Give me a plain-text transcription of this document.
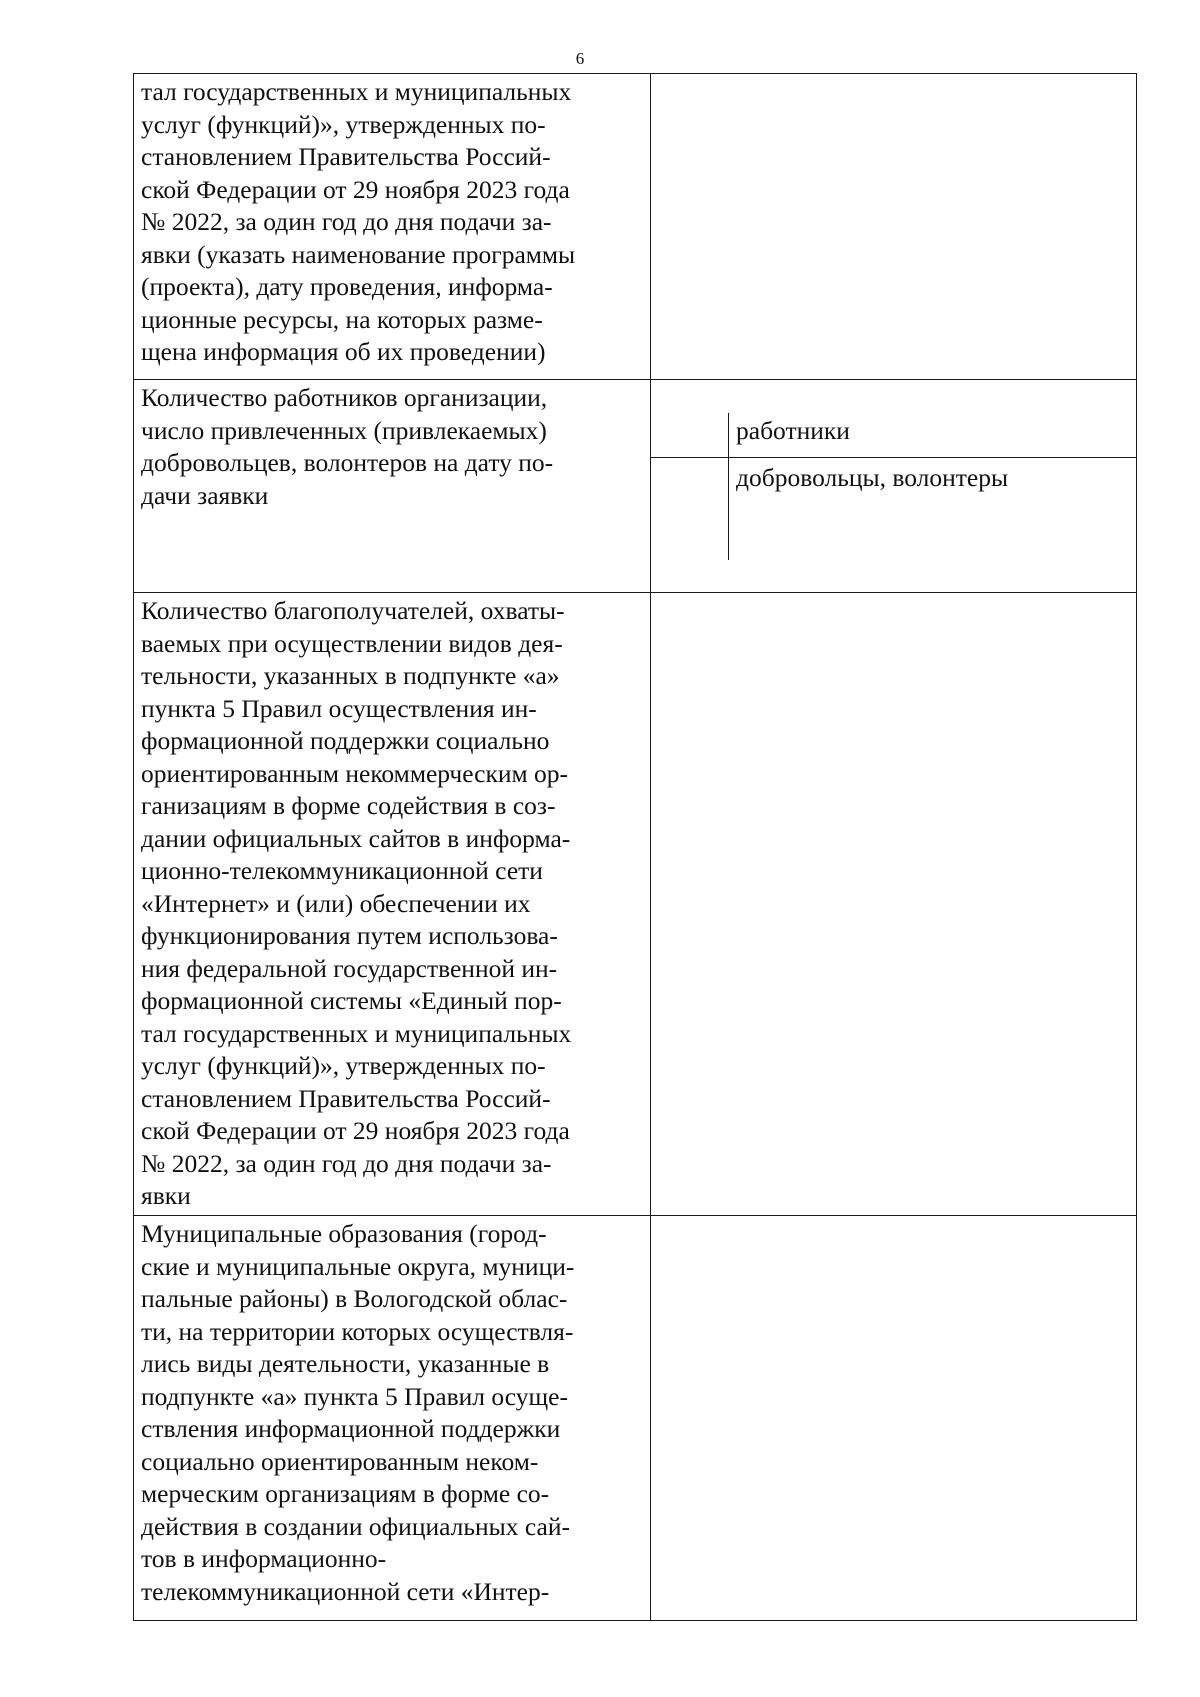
6
тал государственных и муниципальных
услуг (функций)», утвержденных по-
становлением Правительства Россий-
ской Федерации от 29 ноября 2023 года
№ 2022, за один год до дня подачи за-
явки (указать наименование программы
(проекта), дату проведения, информа-
ционные ресурсы, на которых разме-
щена информация об их проведении)	
Количество работников организации,
число привлеченных (привлекаемых)
добровольцев, волонтеров на дату по-
дачи заявки	

	работники
	добровольцы, волонтеры

Количество благополучателей, охваты-
ваемых при осуществлении видов дея-
тельности, указанных в подпункте «а»
пункта 5 Правил осуществления ин-
формационной поддержки социально
ориентированным некоммерческим ор-
ганизациям в форме содействия в соз-
дании официальных сайтов в информа-
ционно-телекоммуникационной сети
«Интернет» и (или) обеспечении их
функционирования путем использова-
ния федеральной государственной ин-
формационной системы «Единый пор-
тал государственных и муниципальных
услуг (функций)», утвержденных по-
становлением Правительства Россий-
ской Федерации от 29 ноября 2023 года
№ 2022, за один год до дня подачи за-
явки	
Муниципальные образования (город-
ские и муниципальные округа, муници-
пальные районы) в Вологодской облас-
ти, на территории которых осуществля-
лись виды деятельности, указанные в
подпункте «а» пункта 5 Правил осуще-
ствления информационной поддержки
социально ориентированным неком-
мерческим организациям в форме со-
действия в создании официальных сай-
тов в информационно-
телекоммуникационной сети «Интер-	
